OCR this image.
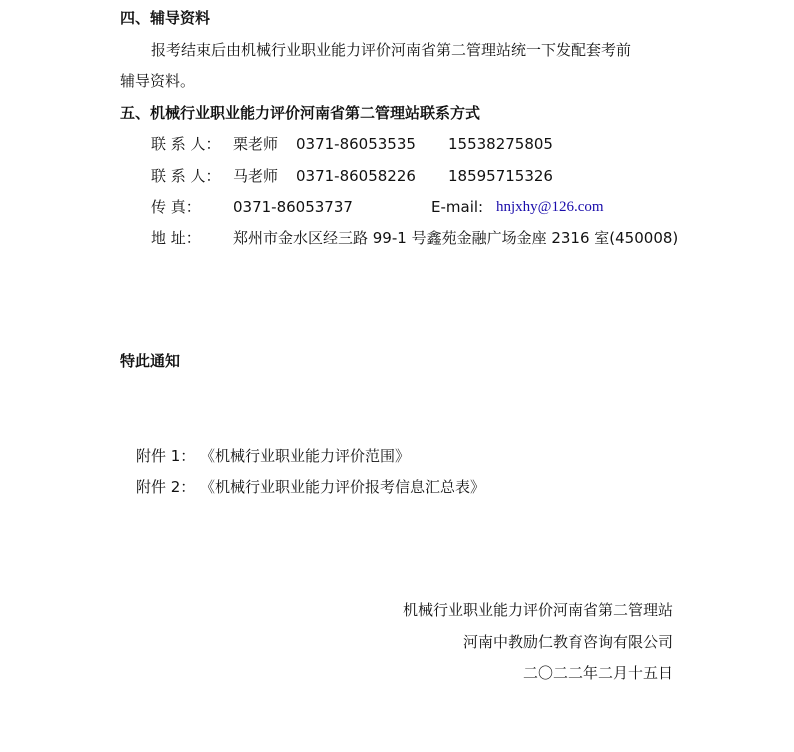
四、辅导资料
报考结束后由机械行业职业能力评价河南省第二管理站统一下发配套考前
辅导资料。
五、机械行业职业能力评价河南省第二管理站联系方式
联 系 人： 栗老师 0371-86053535 15538275805
联 系 人： 马老师 0371-86058226 18595715326
传 真： 0371-86053737	E-mail: hnjxhy@126.com
地 址： 郑州市金水区经三路 99-1 号鑫苑金融广场金座 2316 室(450008)
特此通知
附件 1： 《机械行业职业能力评价范围》
附件 2： 《机械行业职业能力评价报考信息汇总表》
机械行业职业能力评价河南省第二管理站
河南中教励仁教育咨询有限公司
二〇二二年二月十五日
